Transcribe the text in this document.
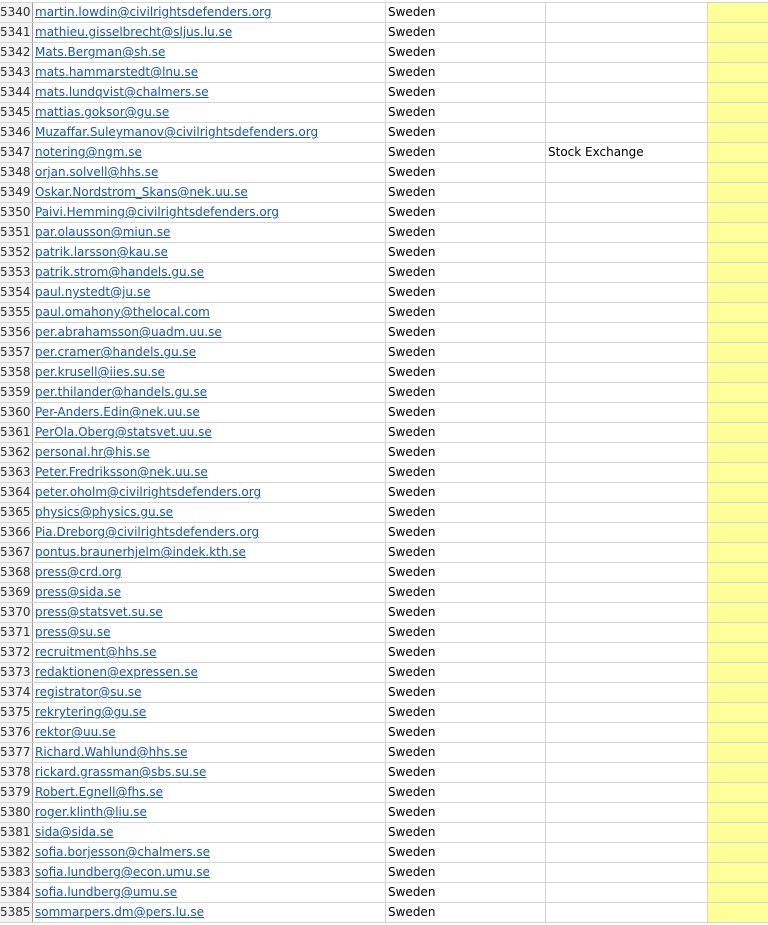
5340 martin.lowdin@civilrightsdefenders.org	Sweden
5341 mathieu.gisselbrecht@sljus.lu.se	Sweden
5342 Mats.Bergman@sh.se	Sweden
5343 mats.hammarstedt@lnu.se	Sweden
5344 mats.lundqvist@chalmers.se	Sweden
5345 mattias.goksor@gu.se	Sweden
5346 Muzaffar.Suleymanov@civilrightsdefenders.org	Sweden
5347 notering@ngm.se	Sweden	Stock Exchange
5348 orjan.solvell@hhs.se	Sweden
5349 Oskar.Nordstrom_Skans@nek.uu.se	Sweden
5350 Paivi.Hemming@civilrightsdefenders.org	Sweden
5351 par.olausson@miun.se	Sweden
5352 patrik.larsson@kau.se	Sweden
5353 patrik.strom@handels.gu.se	Sweden
5354 paul.nystedt@ju.se	Sweden
5355 paul.omahony@thelocal.com	Sweden
5356 per.abrahamsson@uadm.uu.se	Sweden
5357 per.cramer@handels.gu.se	Sweden
5358 per.krusell@iies.su.se	Sweden
5359 per.thilander@handels.gu.se	Sweden
5360 Per-Anders.Edin@nek.uu.se	Sweden
5361 PerOla.Oberg@statsvet.uu.se	Sweden
5362 personal.hr@his.se	Sweden
5363 Peter.Fredriksson@nek.uu.se	Sweden
5364 peter.oholm@civilrightsdefenders.org	Sweden
5365 physics@physics.gu.se	Sweden
5366 Pia.Dreborg@civilrightsdefenders.org	Sweden
5367 pontus.braunerhjelm@indek.kth.se	Sweden
5368 press@crd.org	Sweden
5369 press@sida.se	Sweden
5370 press@statsvet.su.se	Sweden
5371 press@su.se	Sweden
5372 recruitment@hhs.se	Sweden
5373 redaktionen@expressen.se	Sweden
5374 registrator@su.se	Sweden
5375 rekrytering@gu.se	Sweden
5376 rektor@uu.se	Sweden
5377 Richard.Wahlund@hhs.se	Sweden
5378 rickard.grassman@sbs.su.se	Sweden
5379 Robert.Egnell@fhs.se	Sweden
5380 roger.klinth@liu.se	Sweden
5381 sida@sida.se	Sweden
5382 sofia.borjesson@chalmers.se	Sweden
5383 sofia.lundberg@econ.umu.se	Sweden
5384 sofia.lundberg@umu.se	Sweden
5385 sommarpers.dm@pers.lu.se	Sweden
